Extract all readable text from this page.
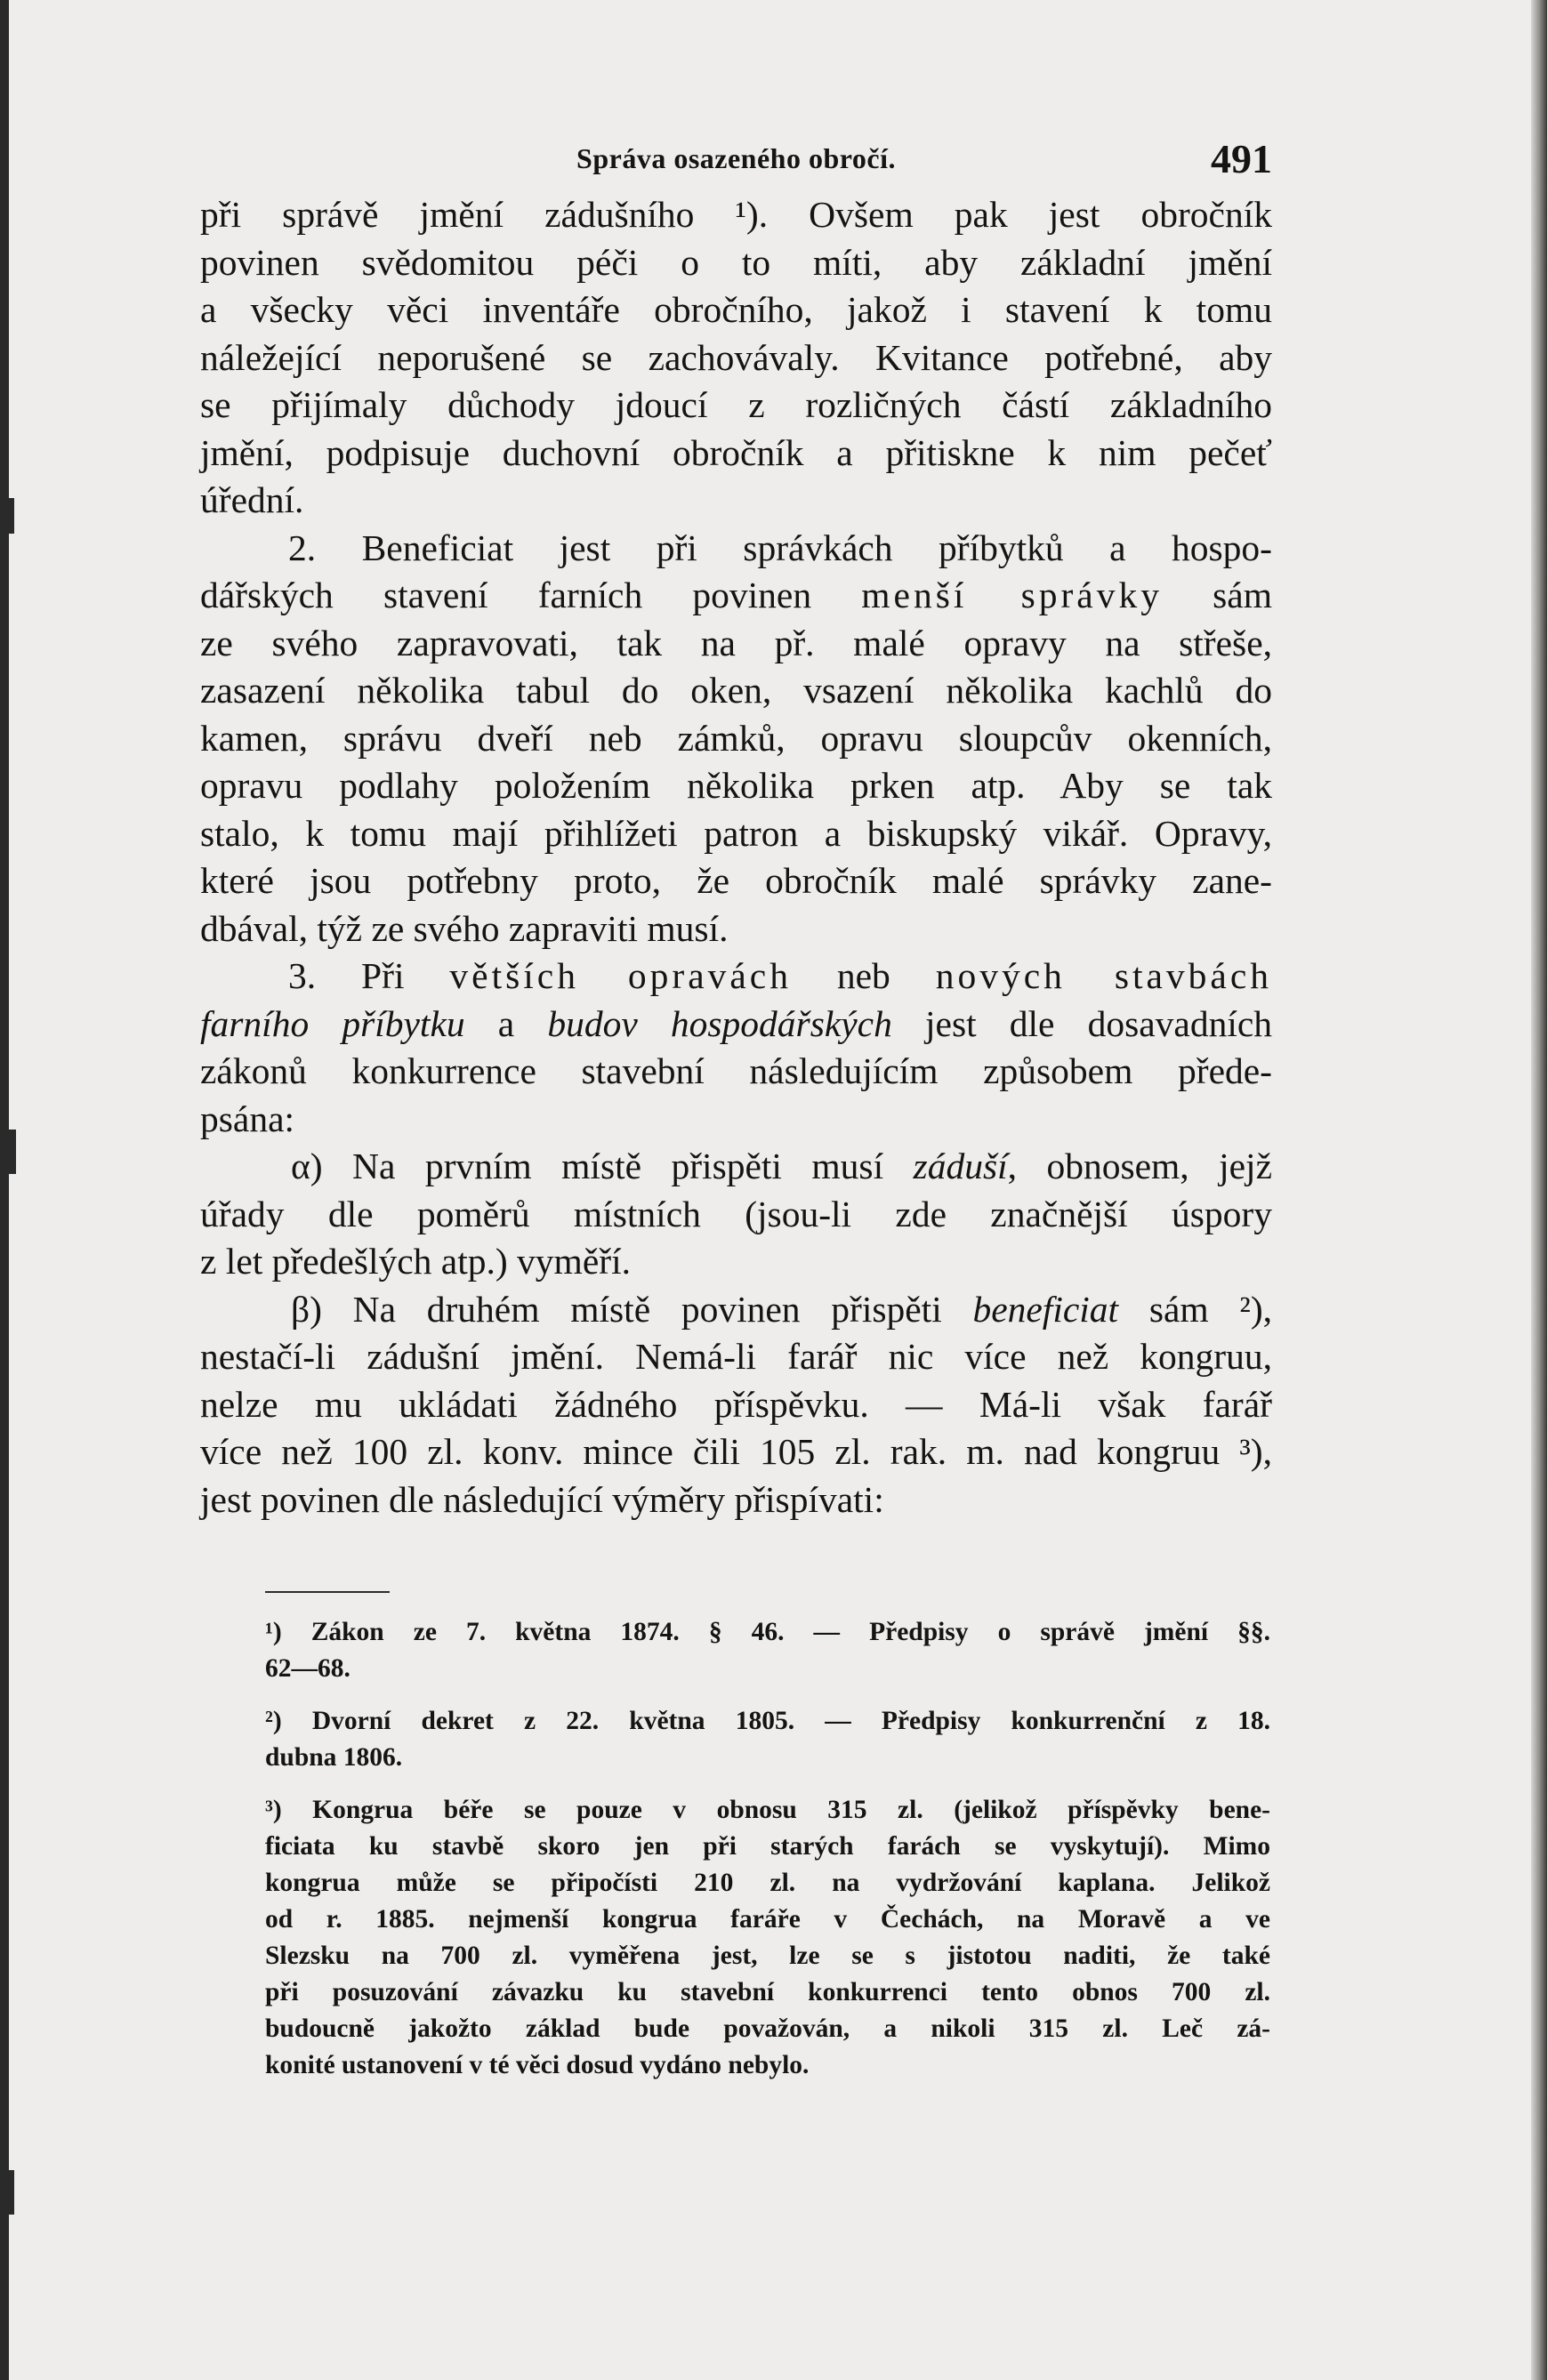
Správa osazeného obročí.	491
při správě jmění zádušního ¹). Ovšem pak jest obročník
povinen svědomitou péči o to míti, aby základní jmění
a všecky věci inventáře obročního, jakož i stavení k tomu
náležející neporušené se zachovávaly. Kvitance potřebné, aby
se přijímaly důchody jdoucí z rozličných částí základního
jmění, podpisuje duchovní obročník a přitiskne k nim pečeť
úřední.
2. Beneficiat jest při správkách příbytků a hospo-
dářských stavení farních povinen menší správky sám
ze svého zapravovati, tak na př. malé opravy na střeše,
zasazení několika tabul do oken, vsazení několika kachlů do
kamen, správu dveří neb zámků, opravu sloupcův okenních,
opravu podlahy položením několika prken atp. Aby se tak
stalo, k tomu mají přihlížeti patron a biskupský vikář. Opravy,
které jsou potřebny proto, že obročník malé správky zane-
dbával, týž ze svého zapraviti musí.
3. Při větších opravách neb nových stavbách
farního příbytku a budov hospodářských jest dle dosavadních
zákonů konkurrence stavební následujícím způsobem přede-
psána:
α) Na prvním místě přispěti musí záduší, obnosem, jejž
úřady dle poměrů místních (jsou-li zde značnější úspory
z let předešlých atp.) vyměří.
β) Na druhém místě povinen přispěti beneficiat sám ²),
nestačí-li zádušní jmění. Nemá-li farář nic více než kongruu,
nelze mu ukládati žádného příspěvku. — Má-li však farář
více než 100 zl. konv. mince čili 105 zl. rak. m. nad kongruu ³),
jest povinen dle následující výměry přispívati:
¹) Zákon ze 7. května 1874. § 46. — Předpisy o správě jmění §§.
62—68.
²) Dvorní dekret z 22. května 1805. — Předpisy konkurrenční z 18.
dubna 1806.
³) Kongrua béře se pouze v obnosu 315 zl. (jelikož příspěvky bene-
ficiata ku stavbě skoro jen při starých farách se vyskytují). Mimo
kongrua může se připočísti 210 zl. na vydržování kaplana. Jelikož
od r. 1885. nejmenší kongrua faráře v Čechách, na Moravě a ve
Slezsku na 700 zl. vyměřena jest, lze se s jistotou naditi, že také
při posuzování závazku ku stavební konkurrenci tento obnos 700 zl.
budoucně jakožto základ bude považován, a nikoli 315 zl. Leč zá-
konité ustanovení v té věci dosud vydáno nebylo.
